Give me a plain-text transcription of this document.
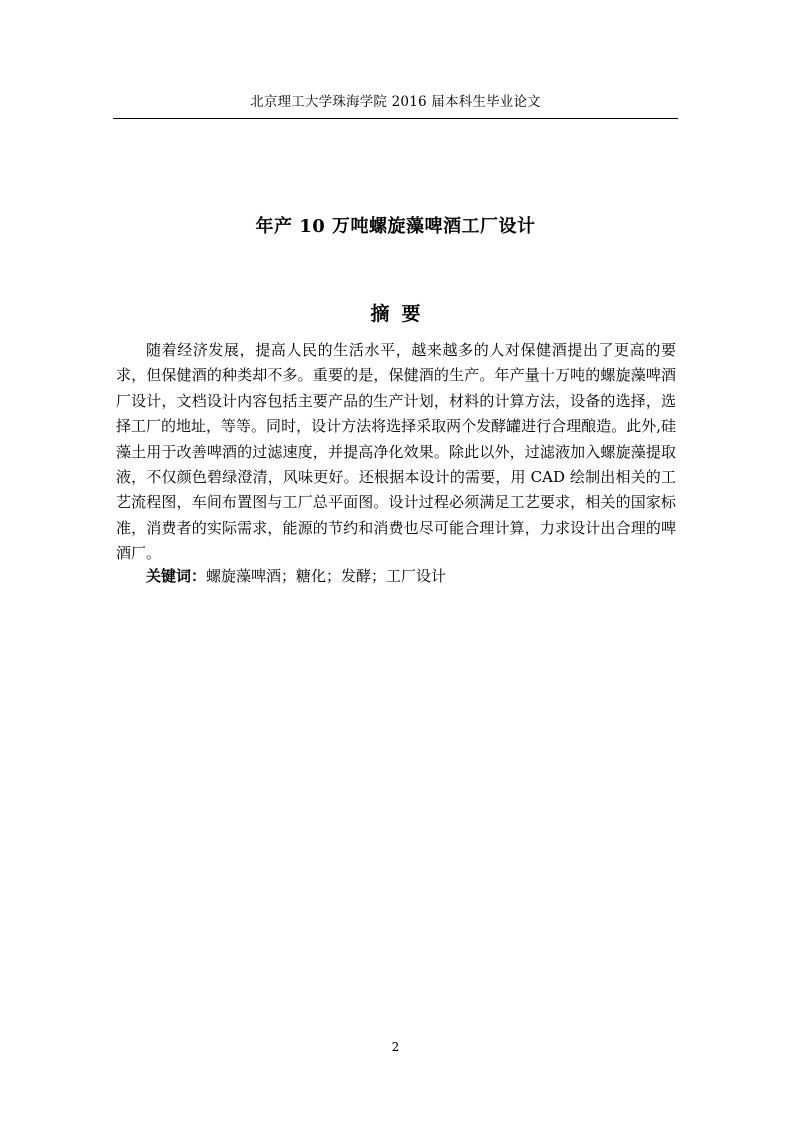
北京理工大学珠海学院 2016 届本科生毕业论文
年产 10 万吨螺旋藻啤酒工厂设计
摘要

随着经济发展，提高人民的生活水平，越来越多的人对保健酒提出了更高的要求，但保健酒的种类却不多。重要的是，保健酒的生产。年产量十万吨的螺旋藻啤酒厂设计，文档设计内容包括主要产品的生产计划，材料的计算方法，设备的选择，选择工厂的地址，等等。同时，设计方法将选择采取两个发酵罐进行合理酿造。此外,硅藻土用于改善啤酒的过滤速度，并提高净化效果。除此以外，过滤液加入螺旋藻提取液，不仅颜色碧绿澄清，风味更好。还根据本设计的需要，用 CAD 绘制出相关的工艺流程图，车间布置图与工厂总平面图。设计过程必须满足工艺要求，相关的国家标准，消费者的实际需求，能源的节约和消费也尽可能合理计算，力求设计出合理的啤酒厂。

关键词：螺旋藻啤酒；糖化；发酵；工厂设计
2
